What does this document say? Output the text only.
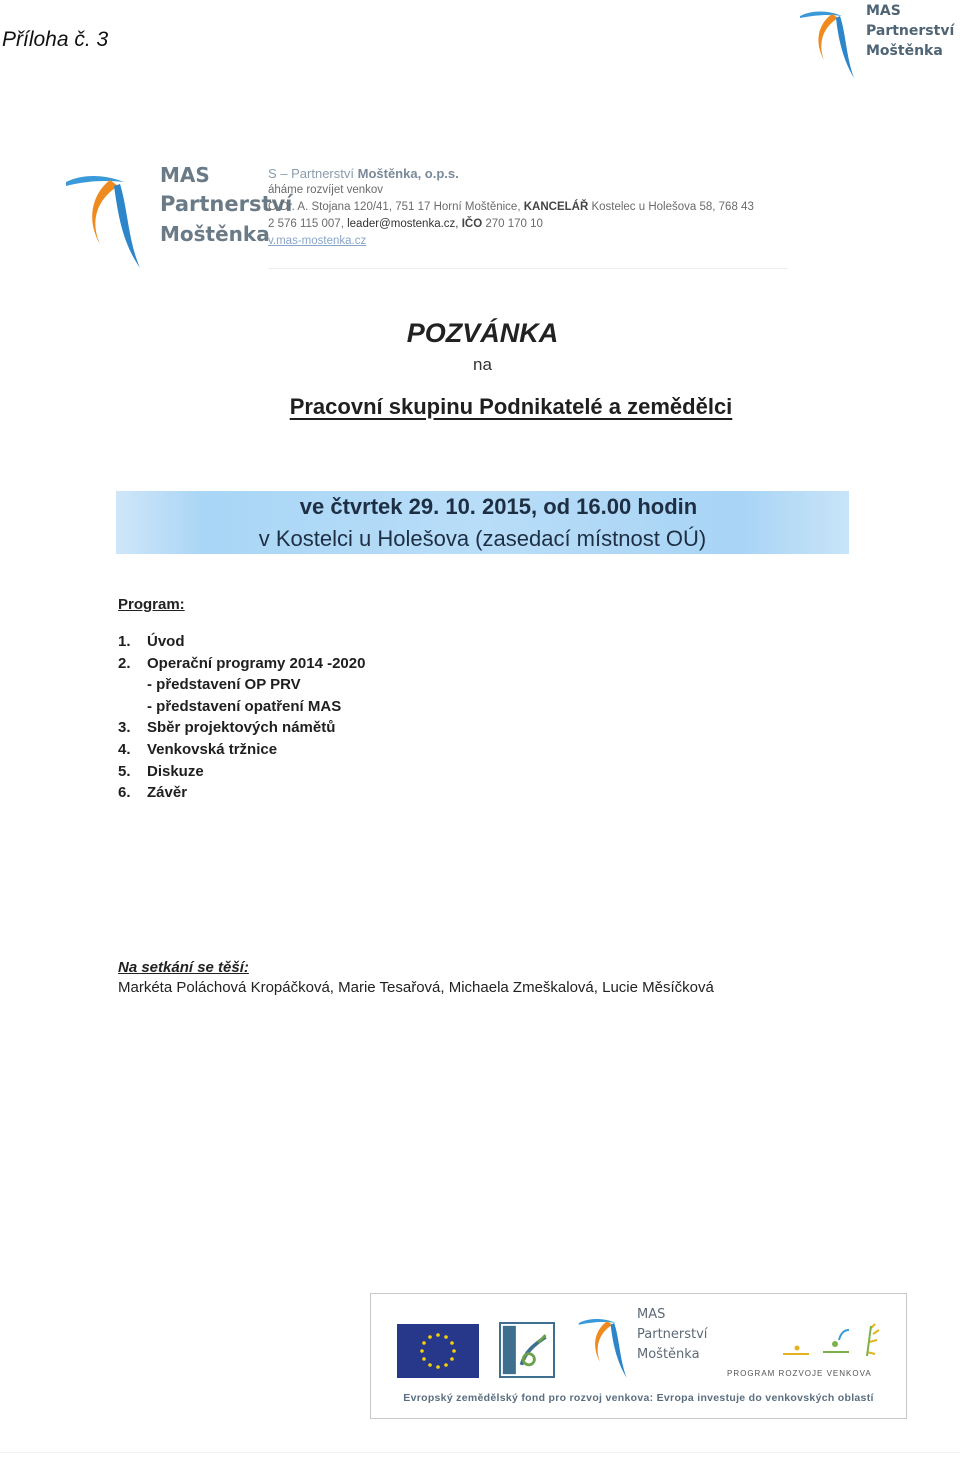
Příloha č. 3
MAS
Partnerství
Moštěnka
MAS
Partnerství
Moštěnka
S – Partnerství Moštěnka, o.p.s.
áháme rozvíjet venkov
O Dr. A. Stojana 120/41, 751 17 Horní Moštěnice, KANCELÁŘ Kostelec u Holešova 58, 768 43
2 576 115 007, leader@mostenka.cz, IČO 270 170 10
v.mas-mostenka.cz
POZVÁNKA
na
Pracovní skupinu Podnikatelé a zemědělci
ve čtvrtek 29. 10. 2015, od 16.00 hodin
v Kostelci u Holešova (zasedací místnost OÚ)
Program:
1. Úvod
2. Operační programy 2014 -2020
- představení OP PRV
- představení opatření MAS
3. Sběr projektových námětů
4. Venkovská tržnice
5. Diskuze
6. Závěr
Na setkání se těší:
Markéta Poláchová Kropáčková, Marie Tesařová, Michaela Zmeškalová, Lucie Měsíčková
MAS
Partnerství
Moštěnka
PROGRAM ROZVOJE VENKOVA
Evropský zemědělský fond pro rozvoj venkova: Evropa investuje do venkovských oblastí
